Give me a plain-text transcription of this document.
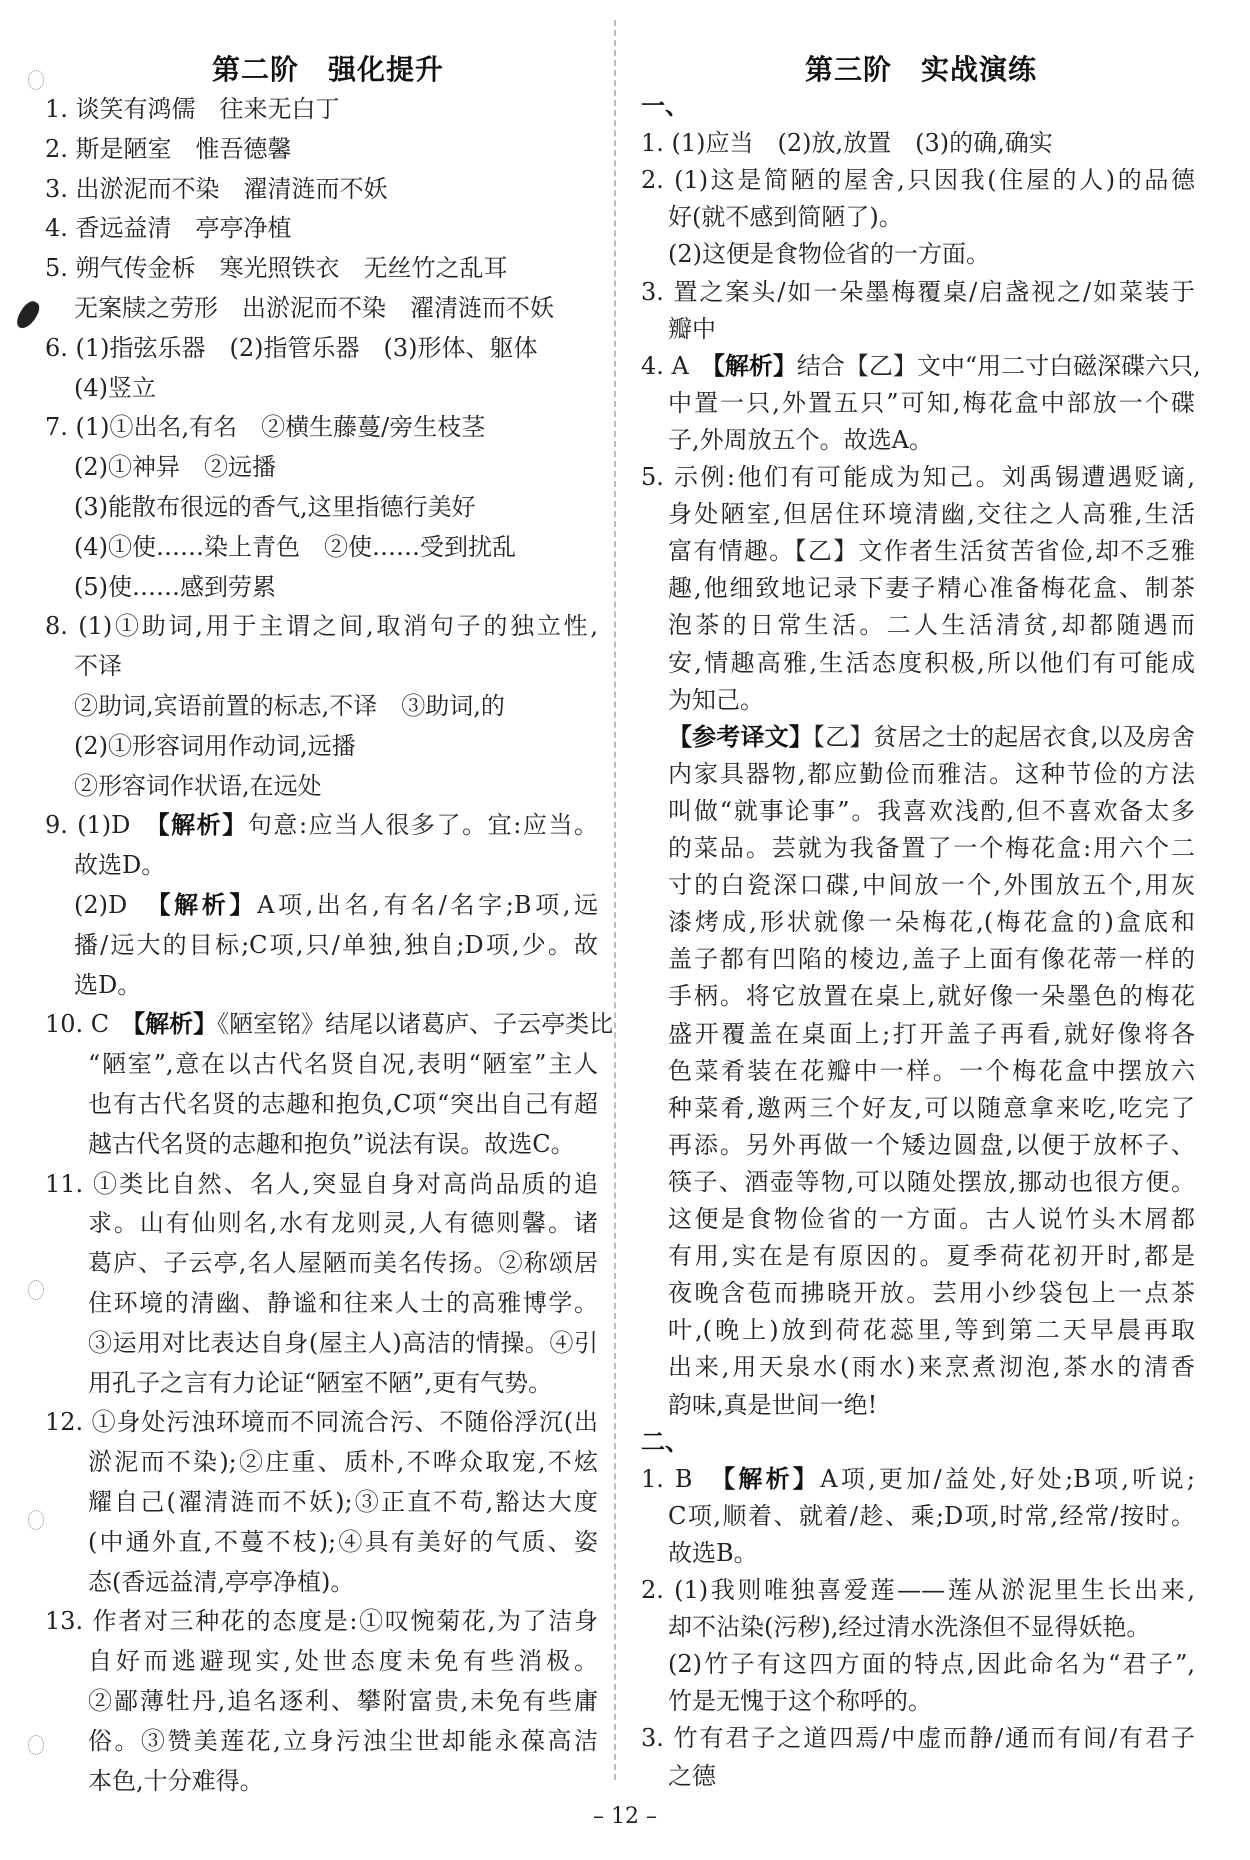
第二阶　强化提升	第三阶　实战演练
1. 谈笑有鸿儒　往来无白丁
2. 斯是陋室　惟吾德馨
3. 出淤泥而不染　濯清涟而不妖
4. 香远益清　亭亭净植
5. 朔气传金柝　寒光照铁衣　无丝竹之乱耳
无案牍之劳形　出淤泥而不染　濯清涟而不妖
6. (1)指弦乐器　(2)指管乐器　(3)形体、躯体
(4)竖立
7. (1)①出名,有名　②横生藤蔓/旁生枝茎
(2)①神异　②远播
(3)能散布很远的香气,这里指德行美好
(4)①使……染上青色　②使……受到扰乱
(5)使……感到劳累
8. (1)①助词,用于主谓之间,取消句子的独立性,
不译
②助词,宾语前置的标志,不译　③助词,的
(2)①形容词用作动词,远播
②形容词作状语,在远处
9. (1)D　【解析】句意:应当人很多了。宜:应当。
故选D。
(2)D　【解析】A项,出名,有名/名字;B项,远
播/远大的目标;C项,只/单独,独自;D项,少。故
选D。
10. C　【解析】《陋室铭》结尾以诸葛庐、子云亭类比
“陋室”,意在以古代名贤自况,表明“陋室”主人
也有古代名贤的志趣和抱负,C项“突出自己有超
越古代名贤的志趣和抱负”说法有误。故选C。
11. ①类比自然、名人,突显自身对高尚品质的追
求。山有仙则名,水有龙则灵,人有德则馨。诸
葛庐、子云亭,名人屋陋而美名传扬。②称颂居
住环境的清幽、静谧和往来人士的高雅博学。
③运用对比表达自身(屋主人)高洁的情操。④引
用孔子之言有力论证“陋室不陋”,更有气势。
12. ①身处污浊环境而不同流合污、不随俗浮沉(出
淤泥而不染);②庄重、质朴,不哗众取宠,不炫
耀自己(濯清涟而不妖);③正直不苟,豁达大度
(中通外直,不蔓不枝);④具有美好的气质、姿
态(香远益清,亭亭净植)。
13. 作者对三种花的态度是:①叹惋菊花,为了洁身
自好而逃避现实,处世态度未免有些消极。
②鄙薄牡丹,追名逐利、攀附富贵,未免有些庸
俗。③赞美莲花,立身污浊尘世却能永葆高洁
本色,十分难得。
一、
1. (1)应当　(2)放,放置　(3)的确,确实
2. (1)这是简陋的屋舍,只因我(住屋的人)的品德
好(就不感到简陋了)。
(2)这便是食物俭省的一方面。
3. 置之案头/如一朵墨梅覆桌/启盏视之/如菜装于
瓣中
4. A　【解析】结合【乙】文中“用二寸白磁深碟六只,
中置一只,外置五只”可知,梅花盒中部放一个碟
子,外周放五个。故选A。
5. 示例:他们有可能成为知己。刘禹锡遭遇贬谪,
身处陋室,但居住环境清幽,交往之人高雅,生活
富有情趣。【乙】文作者生活贫苦省俭,却不乏雅
趣,他细致地记录下妻子精心准备梅花盒、制茶
泡茶的日常生活。二人生活清贫,却都随遇而
安,情趣高雅,生活态度积极,所以他们有可能成
为知己。
【参考译文】【乙】贫居之士的起居衣食,以及房舍
内家具器物,都应勤俭而雅洁。这种节俭的方法
叫做“就事论事”。我喜欢浅酌,但不喜欢备太多
的菜品。芸就为我备置了一个梅花盒:用六个二
寸的白瓷深口碟,中间放一个,外围放五个,用灰
漆烤成,形状就像一朵梅花,(梅花盒的)盒底和
盖子都有凹陷的棱边,盖子上面有像花蒂一样的
手柄。将它放置在桌上,就好像一朵墨色的梅花
盛开覆盖在桌面上;打开盖子再看,就好像将各
色菜肴装在花瓣中一样。一个梅花盒中摆放六
种菜肴,邀两三个好友,可以随意拿来吃,吃完了
再添。另外再做一个矮边圆盘,以便于放杯子、
筷子、酒壶等物,可以随处摆放,挪动也很方便。
这便是食物俭省的一方面。古人说竹头木屑都
有用,实在是有原因的。夏季荷花初开时,都是
夜晚含苞而拂晓开放。芸用小纱袋包上一点茶
叶,(晚上)放到荷花蕊里,等到第二天早晨再取
出来,用天泉水(雨水)来烹煮沏泡,茶水的清香
韵味,真是世间一绝!
二、
1. B　【解析】A项,更加/益处,好处;B项,听说;
C项,顺着、就着/趁、乘;D项,时常,经常/按时。
故选B。
2. (1)我则唯独喜爱莲——莲从淤泥里生长出来,
却不沾染(污秽),经过清水洗涤但不显得妖艳。
(2)竹子有这四方面的特点,因此命名为“君子”,
竹是无愧于这个称呼的。
3. 竹有君子之道四焉/中虚而静/通而有间/有君子
之德
– 12 –
